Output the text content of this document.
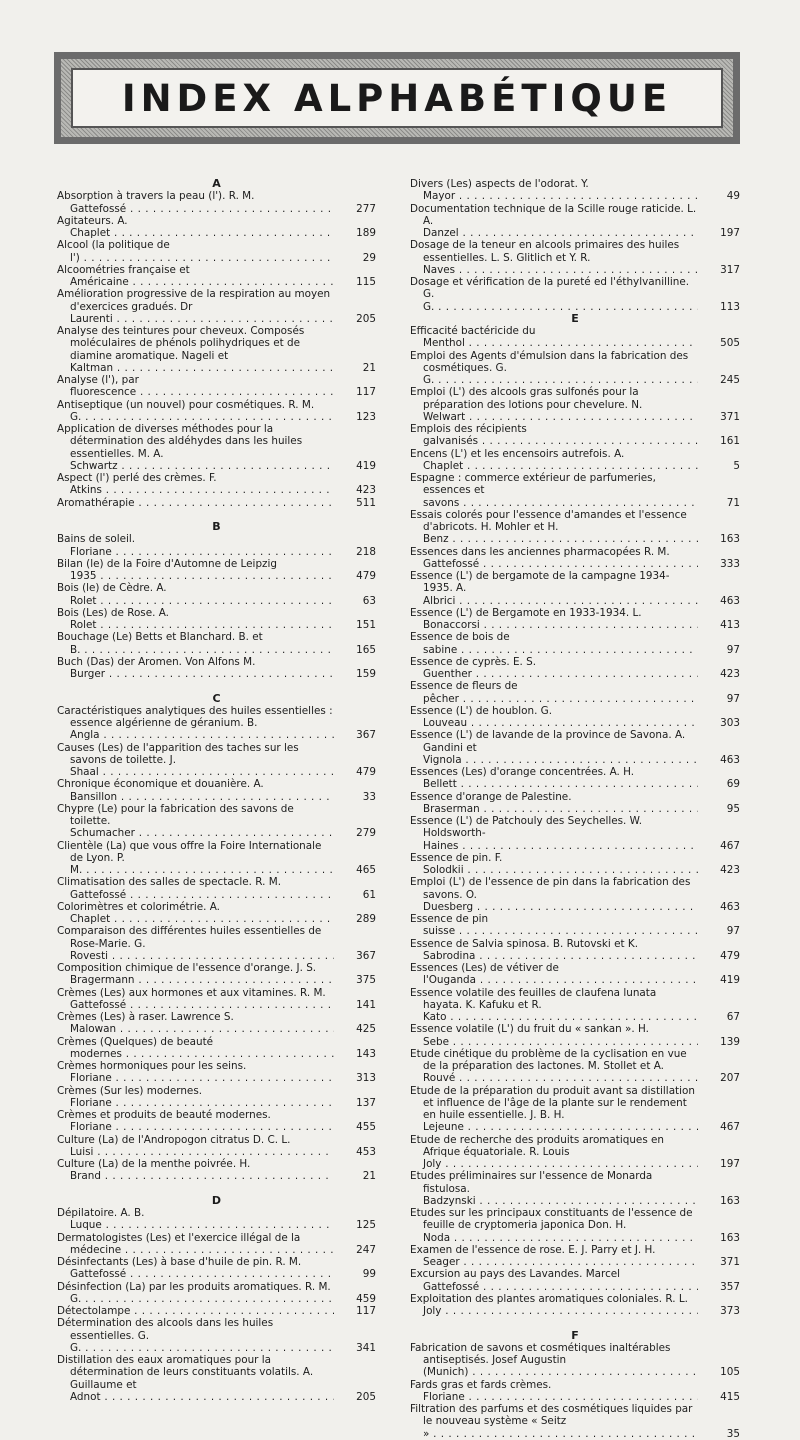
INDEX ALPHABÉTIQUE
A
Absorption à travers la peau (l'). R. M. Gattefossé . . .	277
Agitateurs. A. Chaplet . . .	189
Alcool (la politique de l') . . .	29
Alcoométries française et Américaine . . .	115
Amélioration progressive de la respiration au moyen d'exercices gradués. Dr Laurenti . . .	205
Analyse des teintures pour cheveux. Composés moléculaires de phénols polihydriques et de diamine aromatique. Nageli et Kaltman . . .	21
Analyse (l'), par fluorescence . . .	117
Antiseptique (un nouvel) pour cosmétiques. R. M. G. . . .	123
Application de diverses méthodes pour la détermination des aldéhydes dans les huiles essentielles. M. A. Schwartz . . .	419
Aspect (l') perlé des crèmes. F. Atkins . . .	423
Aromathérapie . . .	511
B
Bains de soleil. Floriane . . .	218
Bilan (le) de la Foire d'Automne de Leipzig 1935 . . .	479
Bois (le) de Cèdre. A. Rolet . . .	63
Bois (Les) de Rose. A. Rolet . . .	151
Bouchage (Le) Betts et Blanchard. B. et B. . . .	165
Buch (Das) der Aromen. Von Alfons M. Burger . . .	159
C
Caractéristiques analytiques des huiles essentielles : essence algérienne de géranium. B. Angla . . .	367
Causes (Les) de l'apparition des taches sur les savons de toilette. J. Shaal . . .	479
Chronique économique et douanière. A. Bansillon . . .	33
Chypre (Le) pour la fabrication des savons de toilette. Schumacher . . .	279
Clientèle (La) que vous offre la Foire Internationale de Lyon. P. M. . . .	465
Climatisation des salles de spectacle. R. M. Gattefossé . . .	61
Colorimètres et colorimétrie. A. Chaplet . . .	289
Comparaison des différentes huiles essentielles de Rose-Marie. G. Rovesti . . .	367
Composition chimique de l'essence d'orange. J. S. Bragermann . . .	375
Crèmes (Les) aux hormones et aux vitamines. R. M. Gattefossé . . .	141
Crèmes (Les) à raser. Lawrence S. Malowan . . .	425
Crèmes (Quelques) de beauté modernes . . .	143
Crèmes hormoniques pour les seins. Floriane . . .	313
Crèmes (Sur les) modernes. Floriane . . .	137
Crèmes et produits de beauté modernes. Floriane . . .	455
Culture (La) de l'Andropogon citratus D. C. L. Luisi . . .	453
Culture (La) de la menthe poivrée. H. Brand . . .	21
D
Dépilatoire. A. B. Luque . . .	125
Dermatologistes (Les) et l'exercice illégal de la médecine . . .	247
Désinfectants (Les) à base d'huile de pin. R. M. Gattefossé . . .	99
Désinfection (La) par les produits aromatiques. R. M. G. . . .	459
Détectolampe . . .	117
Détermination des alcools dans les huiles essentielles. G. G. . . .	341
Distillation des eaux aromatiques pour la détermination de leurs constituants volatils. A. Guillaume et Adnot . . .	205
Divers (Les) aspects de l'odorat. Y. Mayor . . .	49
Documentation technique de la Scille rouge raticide. L. A. Danzel . . .	197
Dosage de la teneur en alcools primaires des huiles essentielles. L. S. Glitlich et Y. R. Naves . . .	317
Dosage et vérification de la pureté ed l'éthylvanilline. G. G. . . .	113
E
Efficacité bactéricide du Menthol . . .	505
Emploi des Agents d'émulsion dans la fabrication des cosmétiques. G. G. . . .	245
Emploi (L') des alcools gras sulfonés pour la préparation des lotions pour chevelure. N. Welwart . . .	371
Emplois des récipients galvanisés . . .	161
Encens (L') et les encensoirs autrefois. A. Chaplet . . .	5
Espagne : commerce extérieur de parfumeries, essences et savons . . .	71
Essais colorés pour l'essence d'amandes et l'essence d'abricots. H. Mohler et H. Benz . . .	163
Essences dans les anciennes pharmacopées R. M. Gattefossé . . .	333
Essence (L') de bergamote de la campagne 1934-1935. A. Albrici . . .	463
Essence (L') de Bergamote en 1933-1934. L. Bonaccorsi . . .	413
Essence de bois de sabine . . .	97
Essence de cyprès. E. S. Guenther . . .	423
Essence de fleurs de pêcher . . .	97
Essence (L') de houblon. G. Louveau . . .	303
Essence (L') de lavande de la province de Savona. A. Gandini et Vignola . . .	463
Essences (Les) d'orange concentrées. A. H. Bellett . . .	69
Essence d'orange de Palestine. Braserman . . .	95
Essence (L') de Patchouly des Seychelles. W. Holdsworth-Haines . . .	467
Essence de pin. F. Solodkii . . .	423
Emploi (L') de l'essence de pin dans la fabrication des savons. O. Duesberg . . .	463
Essence de pin suisse . . .	97
Essence de Salvia spinosa. B. Rutovski et K. Sabrodina . . .	479
Essences (Les) de vétiver de l'Ouganda . . .	419
Essence volatile des feuilles de claufena lunata hayata. K. Kafuku et R. Kato . . .	67
Essence volatile (L') du fruit du « sankan ». H. Sebe . . .	139
Etude cinétique du problème de la cyclisation en vue de la préparation des lactones. M. Stollet et A. Rouvé . . .	207
Etude de la préparation du produit avant sa distillation et influence de l'âge de la plante sur le rendement en huile essentielle. J. B. H. Lejeune . . .	467
Etude de recherche des produits aromatiques en Afrique équatoriale. R. Louis Joly . . .	197
Etudes préliminaires sur l'essence de Monarda fistulosa. Badzynski . . .	163
Etudes sur les principaux constituants de l'essence de feuille de cryptomeria japonica Don. H. Noda . . .	163
Examen de l'essence de rose. E. J. Parry et J. H. Seager . . .	371
Excursion au pays des Lavandes. Marcel Gattefossé . . .	357
Exploitation des plantes aromatiques coloniales. R. L. Joly . . .	373
F
Fabrication de savons et cosmétiques inaltérables antiseptisés. Josef Augustin (Munich) . . .	105
Fards gras et fards crèmes. Floriane . . .	415
Filtration des parfums et des cosmétiques liquides par le nouveau système « Seitz » . . .	35
